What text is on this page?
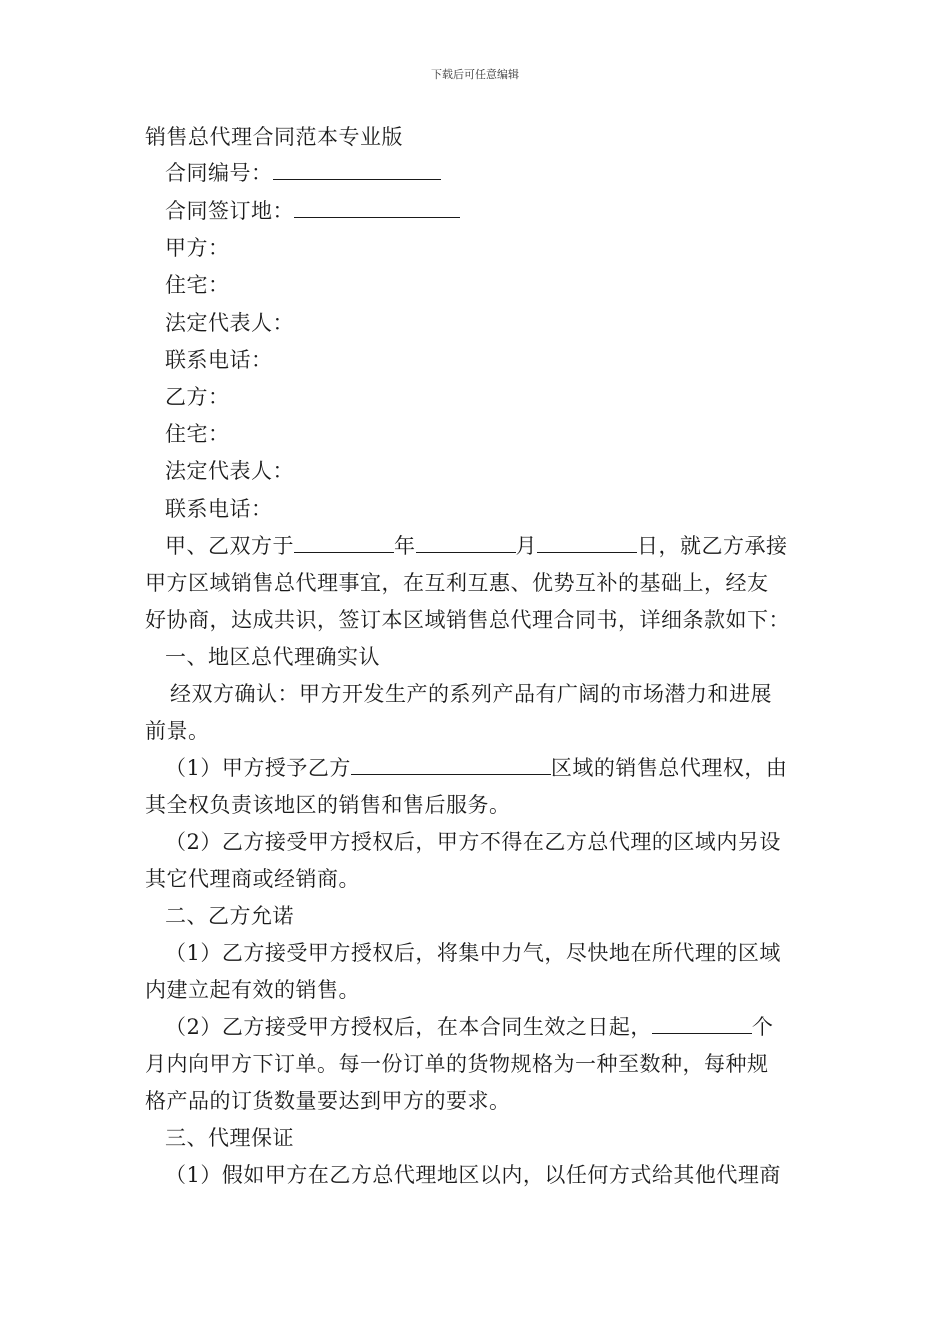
下载后可任意编辑
销售总代理合同范本专业版
合同编号：
合同签订地：
甲方：
住宅：
法定代表人：
联系电话：
乙方：
住宅：
法定代表人：
联系电话：
甲、乙双方于	年	月	日，就乙方承接
甲方区域销售总代理事宜，在互利互惠、优势互补的基础上，经友
好协商，达成共识，签订本区域销售总代理合同书，详细条款如下：
一、地区总代理确实认
经双方确认：甲方开发生产的系列产品有广阔的市场潜力和进展
前景。
（1）甲方授予乙方	区域的销售总代理权，由
其全权负责该地区的销售和售后服务。
（2）乙方接受甲方授权后，甲方不得在乙方总代理的区域内另设
其它代理商或经销商。
二、乙方允诺
（1）乙方接受甲方授权后，将集中力气，尽快地在所代理的区域
内建立起有效的销售。
（2）乙方接受甲方授权后，在本合同生效之日起，	个
月内向甲方下订单。每一份订单的货物规格为一种至数种，每种规
格产品的订货数量要达到甲方的要求。
三、代理保证
（1）假如甲方在乙方总代理地区以内，以任何方式给其他代理商
